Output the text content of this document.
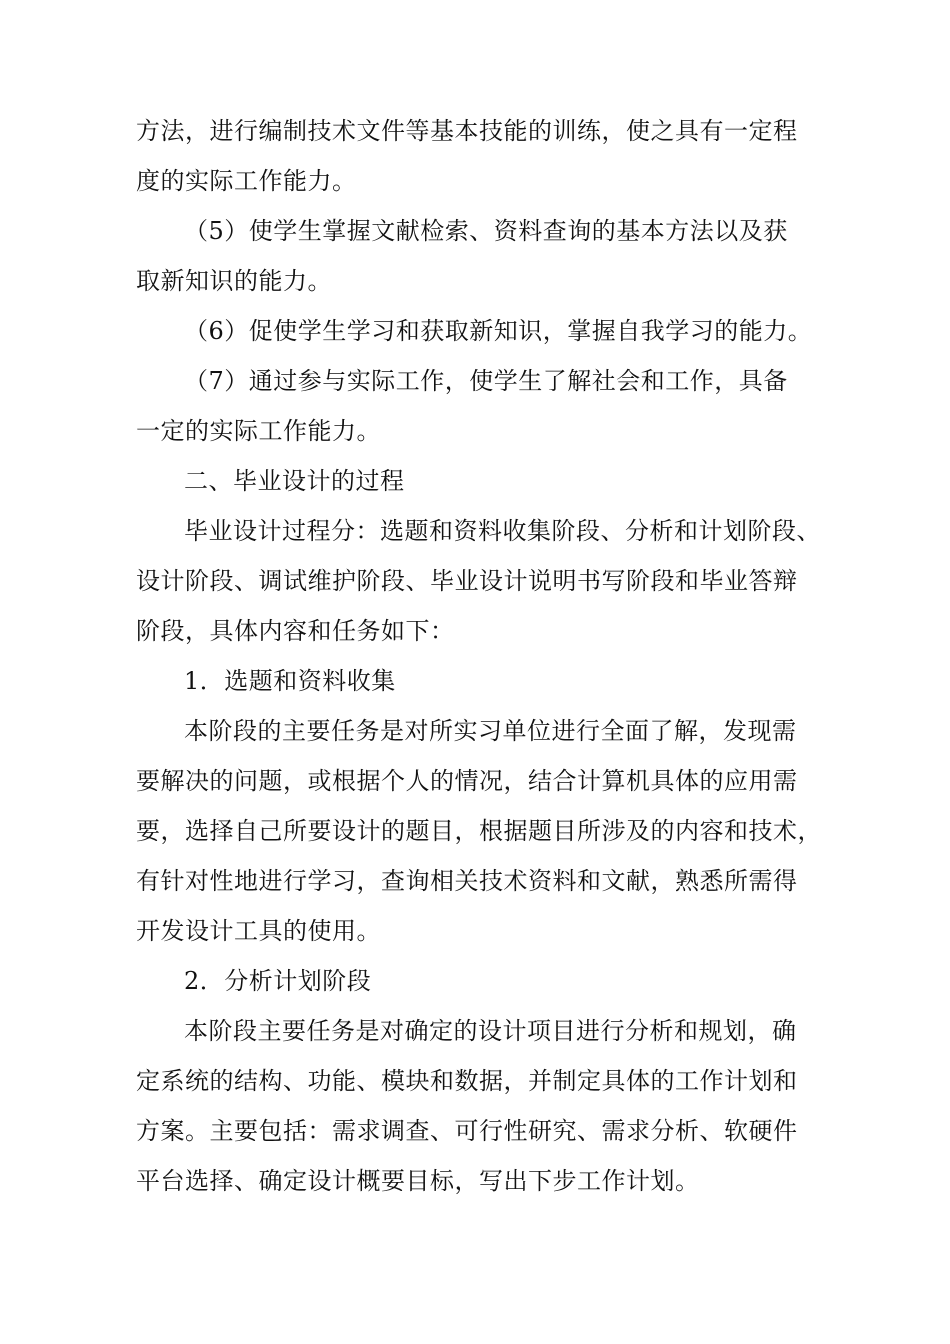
方法，进行编制技术文件等基本技能的训练，使之具有一定程
度的实际工作能力。
（5）使学生掌握文献检索、资料查询的基本方法以及获
取新知识的能力。
（6）促使学生学习和获取新知识，掌握自我学习的能力。
（7）通过参与实际工作，使学生了解社会和工作，具备
一定的实际工作能力。
二、毕业设计的过程
毕业设计过程分：选题和资料收集阶段、分析和计划阶段、
设计阶段、调试维护阶段、毕业设计说明书写阶段和毕业答辩
阶段，具体内容和任务如下：
1．选题和资料收集
本阶段的主要任务是对所实习单位进行全面了解，发现需
要解决的问题，或根据个人的情况，结合计算机具体的应用需
要，选择自己所要设计的题目，根据题目所涉及的内容和技术，
有针对性地进行学习，查询相关技术资料和文献，熟悉所需得
开发设计工具的使用。
2．分析计划阶段
本阶段主要任务是对确定的设计项目进行分析和规划，确
定系统的结构、功能、模块和数据，并制定具体的工作计划和
方案。主要包括：需求调查、可行性研究、需求分析、软硬件
平台选择、确定设计概要目标，写出下步工作计划。
